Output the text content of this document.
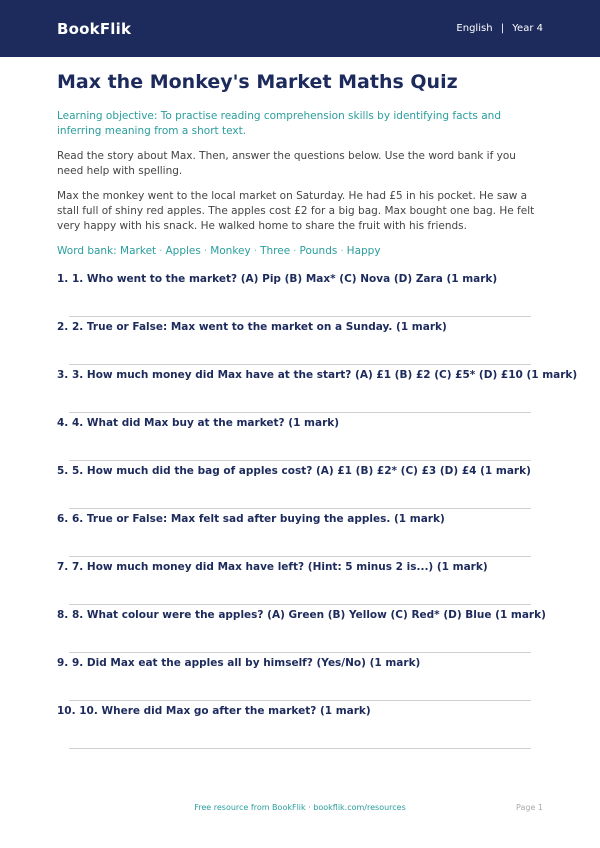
BookFlik	English | Year 4
Max the Monkey's Market Maths Quiz
Learning objective: To practise reading comprehension skills by identifying facts and inferring meaning from a short text.
Read the story about Max. Then, answer the questions below. Use the word bank if you need help with spelling.
Max the monkey went to the local market on Saturday. He had £5 in his pocket. He saw a stall full of shiny red apples. The apples cost £2 for a big bag. Max bought one bag. He felt very happy with his snack. He walked home to share the fruit with his friends.
Word bank: Market · Apples · Monkey · Three · Pounds · Happy
1. 1. Who went to the market? (A) Pip (B) Max* (C) Nova (D) Zara (1 mark)
2. 2. True or False: Max went to the market on a Sunday. (1 mark)
3. 3. How much money did Max have at the start? (A) £1 (B) £2 (C) £5* (D) £10 (1 mark)
4. 4. What did Max buy at the market? (1 mark)
5. 5. How much did the bag of apples cost? (A) £1 (B) £2* (C) £3 (D) £4 (1 mark)
6. 6. True or False: Max felt sad after buying the apples. (1 mark)
7. 7. How much money did Max have left? (Hint: 5 minus 2 is...) (1 mark)
8. 8. What colour were the apples? (A) Green (B) Yellow (C) Red* (D) Blue (1 mark)
9. 9. Did Max eat the apples all by himself? (Yes/No) (1 mark)
10. 10. Where did Max go after the market? (1 mark)
Free resource from BookFlik · bookflik.com/resources	Page 1
